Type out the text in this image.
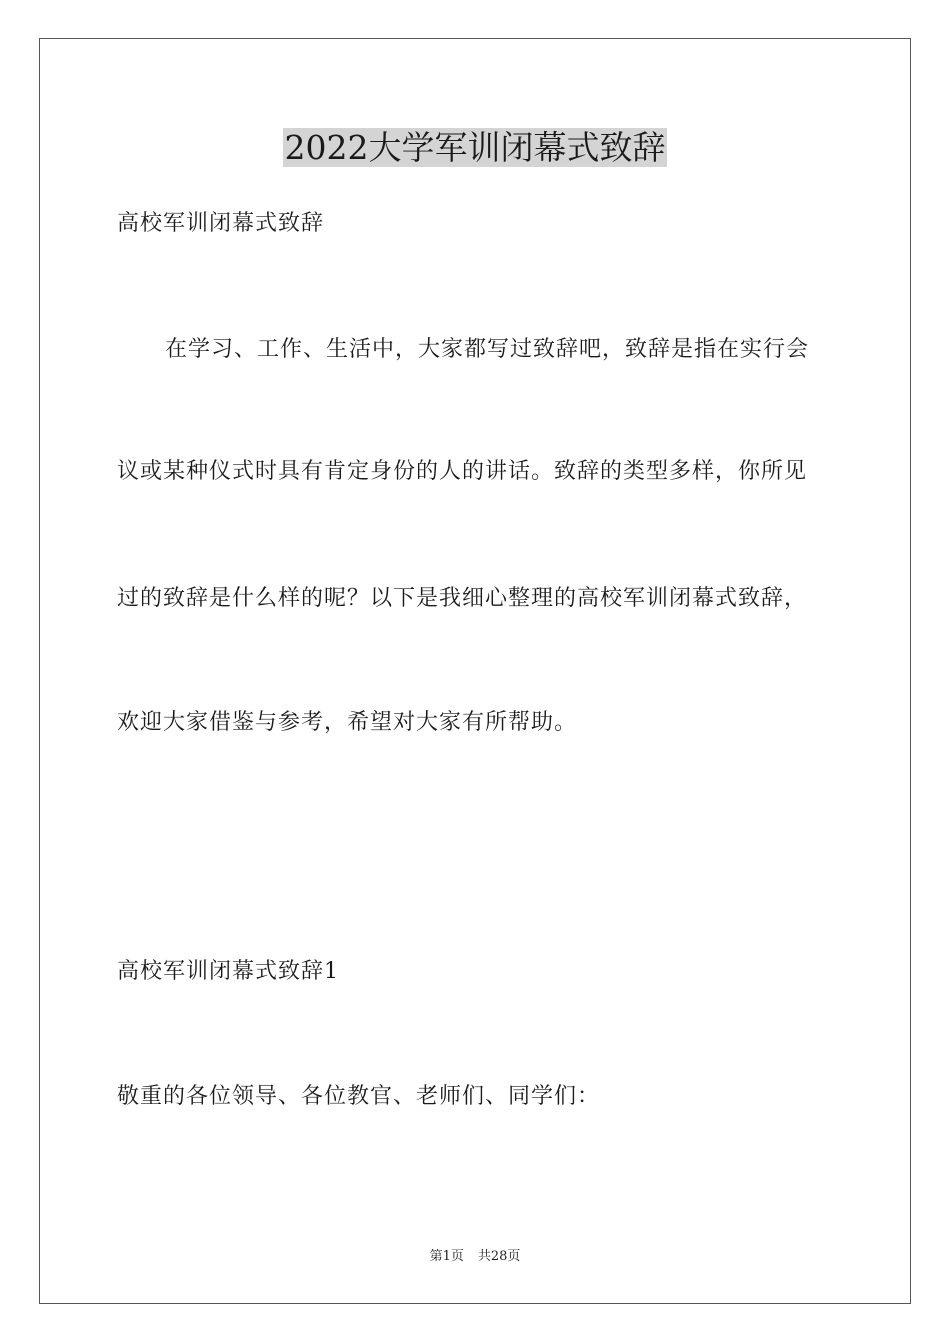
2022大学军训闭幕式致辞
高校军训闭幕式致辞
在学习、工作、生活中，大家都写过致辞吧，致辞是指在实行会
议或某种仪式时具有肯定身份的人的讲话。致辞的类型多样，你所见
过的致辞是什么样的呢？以下是我细心整理的高校军训闭幕式致辞，
欢迎大家借鉴与参考，希望对大家有所帮助。
高校军训闭幕式致辞1
敬重的各位领导、各位教官、老师们、同学们：
第1页 共28页
